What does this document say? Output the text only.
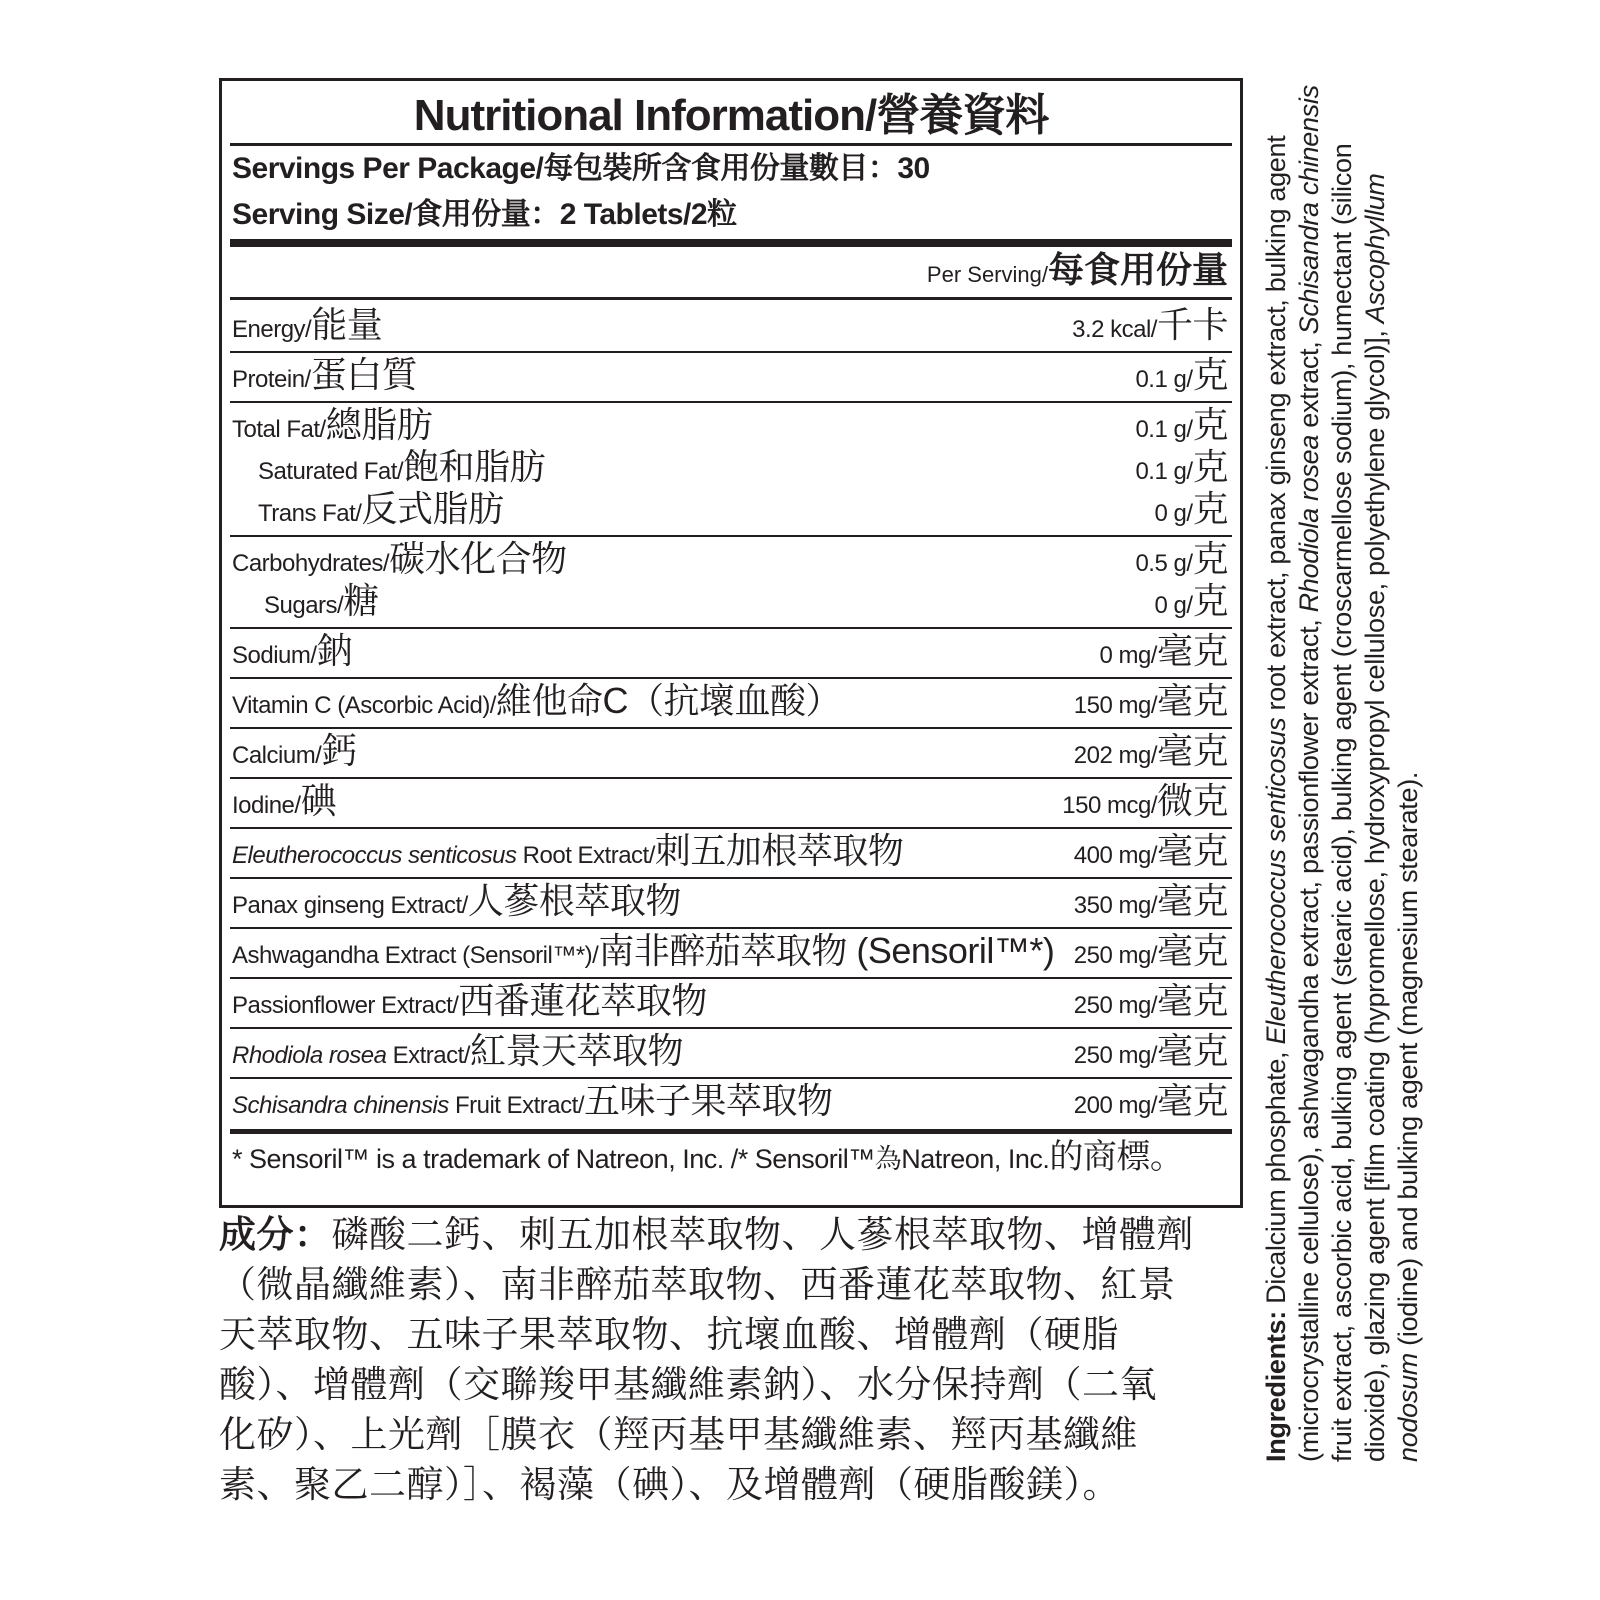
Nutritional Information/營養資料
Servings Per Package/每包裝所含食用份量數目：30
Serving Size/食用份量：2 Tablets/2粒
Per Serving/每食用份量
Energy/能量	3.2 kcal/千卡
Protein/蛋白質	0.1 g/克
Total Fat/總脂肪	0.1 g/克
Saturated Fat/飽和脂肪	0.1 g/克
Trans Fat/反式脂肪	0 g/克
Carbohydrates/碳水化合物	0.5 g/克
Sugars/糖	0 g/克
Sodium/鈉	0 mg/毫克
Vitamin C (Ascorbic Acid)/維他命C（抗壞血酸）	150 mg/毫克
Calcium/鈣	202 mg/毫克
Iodine/碘	150 mcg/微克
Eleutherococcus senticosus Root Extract/刺五加根萃取物	400 mg/毫克
Panax ginseng Extract/人蔘根萃取物	350 mg/毫克
Ashwagandha Extract (Sensoril™*)/南非醉茄萃取物 (Sensoril™*) 250 mg/毫克
Passionflower Extract/西番蓮花萃取物	250 mg/毫克
Rhodiola rosea Extract/紅景天萃取物	250 mg/毫克
Schisandra chinensis Fruit Extract/五味子果萃取物	200 mg/毫克
* Sensoril™ is a trademark of Natreon, Inc. /* Sensoril™為Natreon, Inc.的商標。
成分：磷酸二鈣、刺五加根萃取物、人蔘根萃取物、增體劑（微晶纖維素）、南非醉茄萃取物、西番蓮花萃取物、紅景天萃取物、五味子果萃取物、抗壞血酸、增體劑（硬脂酸）、增體劑（交聯羧甲基纖維素鈉）、水分保持劑（二氧化矽）、上光劑［膜衣（羥丙基甲基纖維素、羥丙基纖維素、聚乙二醇）］、褐藻（碘）、及增體劑（硬脂酸鎂）。
Ingredients: Dicalcium phosphate, Eleutherococcus senticosus root extract, panax ginseng extract, bulking agent (microcrystalline cellulose), ashwagandha extract, passionflower extract, Rhodiola rosea extract, Schisandra chinensis fruit extract, ascorbic acid, bulking agent (stearic acid), bulking agent (croscarmellose sodium), humectant (silicon dioxide), glazing agent [film coating (hypromellose, hydroxypropyl cellulose, polyethylene glycol)], Ascophyllum nodosum (iodine) and bulking agent (magnesium stearate).
